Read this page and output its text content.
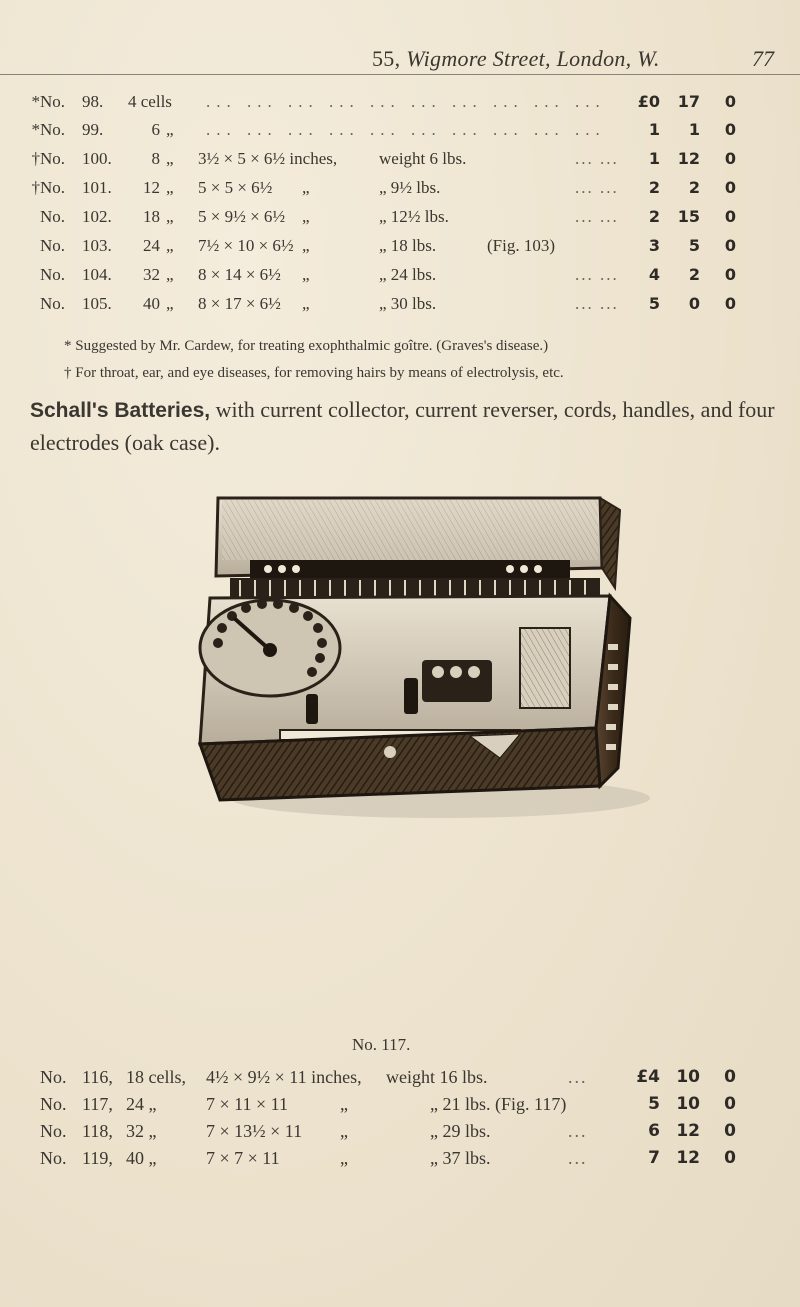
55, Wigmore Street, London, W.	77
* No. 98. 4 cells ... ... ... ... ... ... ... ... ... ...	£0	17	0
* No. 99.	6 „ ... ... ... ... ... ... ... ... ... ...	1	1	0
† No. 100.	8 „ 3½ × 5 × 6½ inches, weight 6 lbs.	... ...	1	12	0
† No. 101.	12 „ 5 × 5 × 6½ „	„ 9½ lbs.	... ...	2	2	0
No. 102.	18 „ 5 × 9½ × 6½ „	„ 12½ lbs.	... ...	2	15	0
No. 103.	24 „ 7½ × 10 × 6½ „	„ 18 lbs.	(Fig. 103)	3	5	0
No. 104.	32 „ 8 × 14 × 6½ „	„ 24 lbs.	... ...	4	2	0
No. 105.	40 „ 8 × 17 × 6½ „	„ 30 lbs.	... ...	5	0	0
* Suggested by Mr. Cardew, for treating exophthalmic goître. (Graves's disease.)
† For throat, ear, and eye diseases, for removing hairs by means of electrolysis, etc.
Schall's Batteries, with current collector, current reverser, cords, handles, and four electrodes (oak case).
No. 117.
No. 116, 18 cells, 4½ × 9½ × 11 inches, weight 16 lbs.	...	£4 10	0
No. 117, 24 „	7 × 11 × 11	„	„ 21 lbs. (Fig. 117)	5 10	0
No. 118, 32 „	7 × 13½ × 11 „	„ 29 lbs.	...	6 12	0
No. 119, 40 „	7 × 7 × 11	„	„ 37 lbs.	...	7 12	0
